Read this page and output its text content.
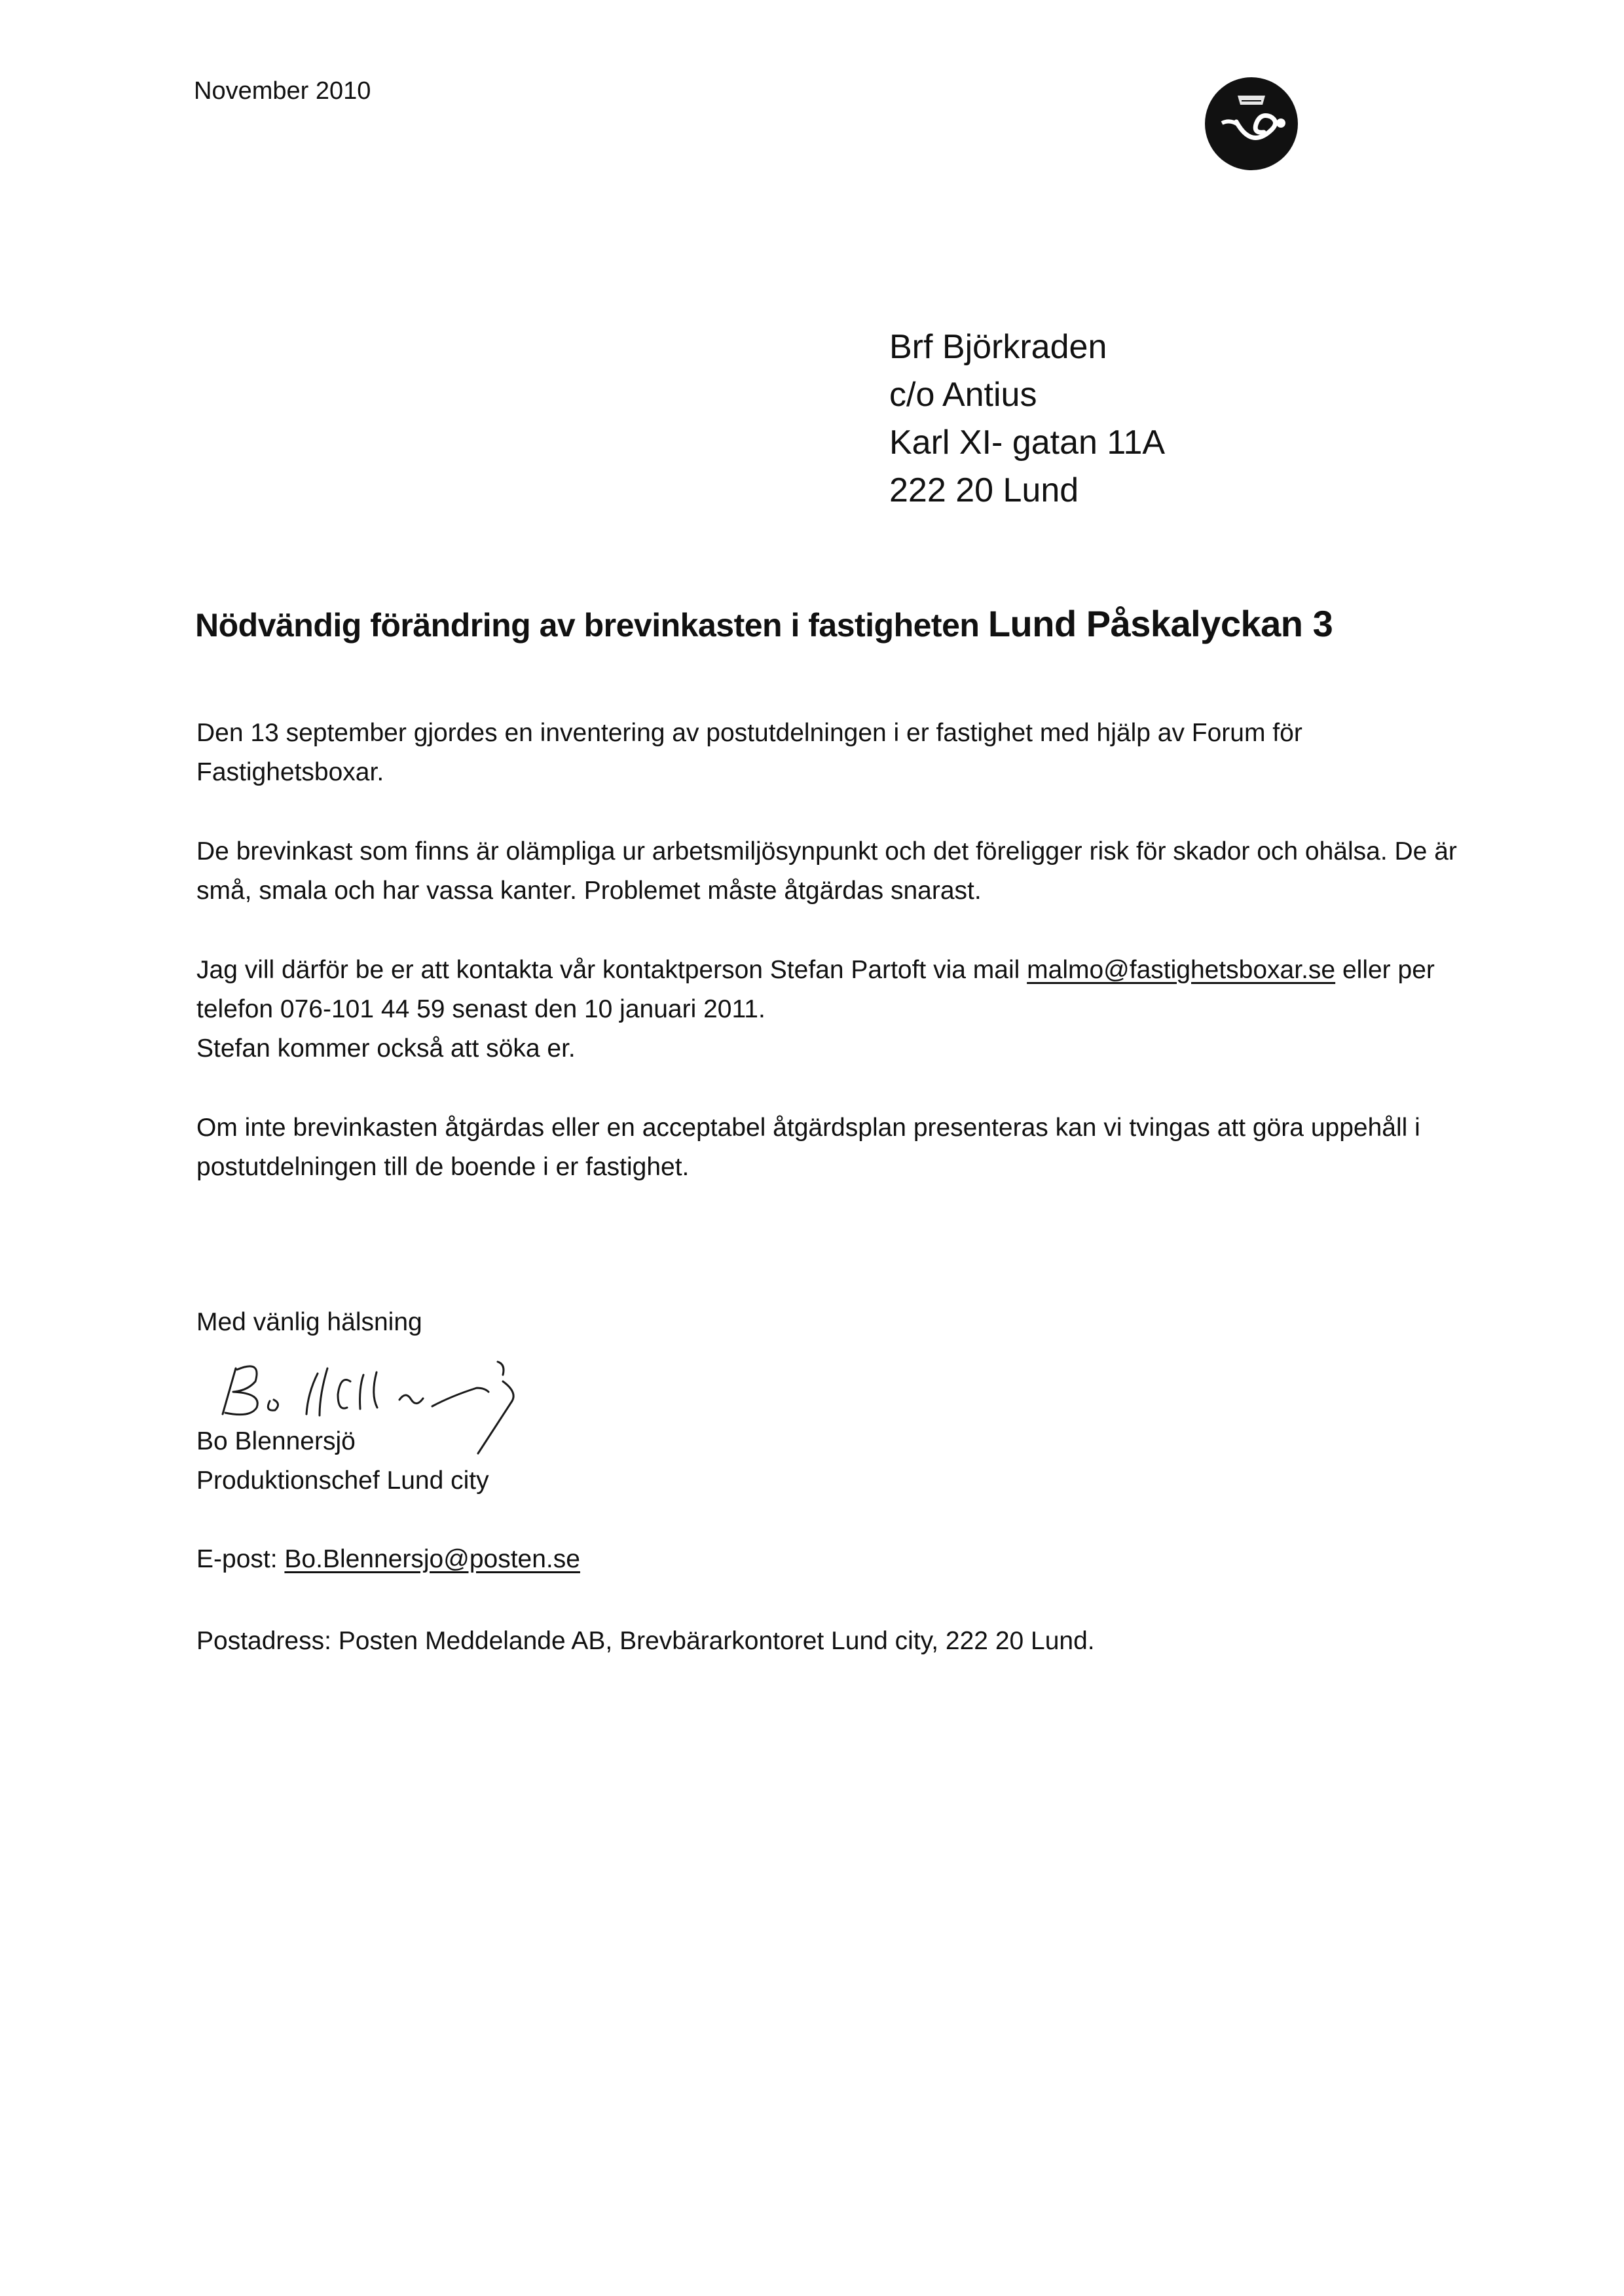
November 2010

Brf Björkraden
c/o Antius
Karl XI- gatan 11A
222 20 Lund
Nödvändig förändring av brevinkasten i fastigheten Lund Påskalyckan 3

Den 13 september gjordes en inventering av postutdelningen i er fastighet med hjälp av Forum för Fastighetsboxar.

De brevinkast som finns är olämpliga ur arbetsmiljösynpunkt och det föreligger risk för skador och ohälsa. De är små, smala och har vassa kanter. Problemet måste åtgärdas snarast.

Jag vill därför be er att kontakta vår kontaktperson Stefan Partoft via mail malmo@fastighetsboxar.se eller per telefon 076-101 44 59 senast den 10 januari 2011.
Stefan kommer också att söka er.

Om inte brevinkasten åtgärdas eller en acceptabel åtgärdsplan presenteras kan vi tvingas att göra uppehåll i postutdelningen till de boende i er fastighet.

Med vänlig hälsning
Bo Blennersjö
Produktionschef Lund city
E-post: Bo.Blennersjo@posten.se
Postadress: Posten Meddelande AB, Brevbärarkontoret Lund city, 222 20 Lund.
